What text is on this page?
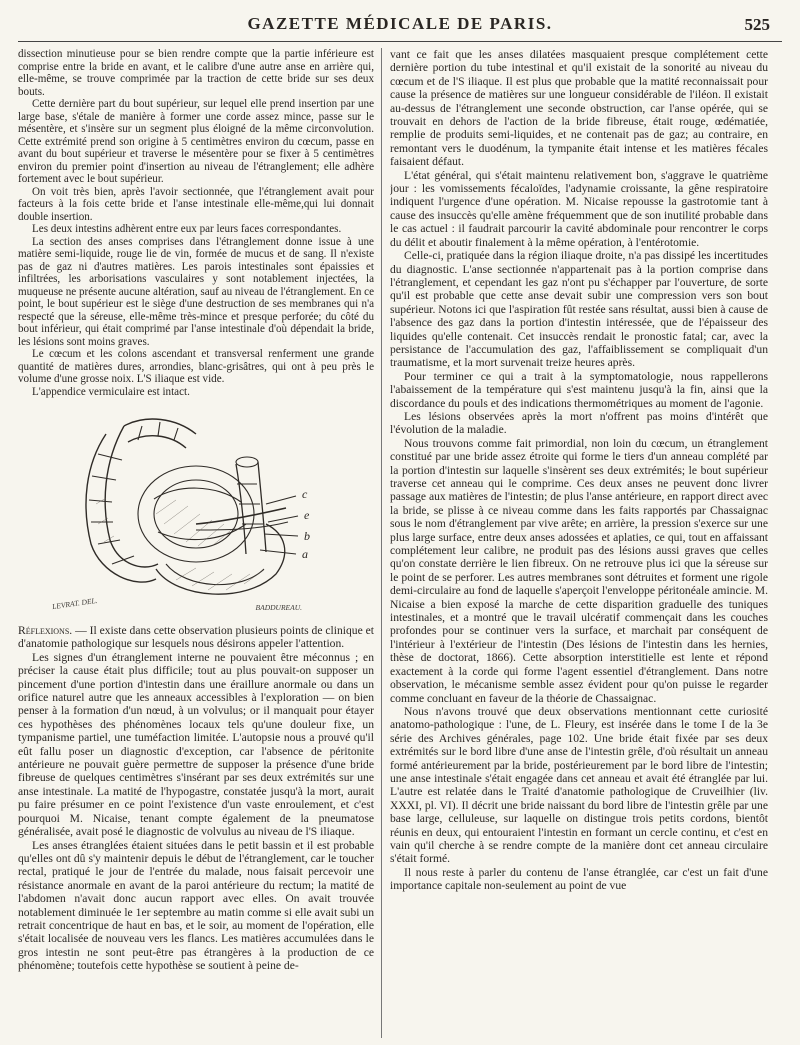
GAZETTE MÉDICALE DE PARIS.	525

dissection minutieuse pour se bien rendre compte que la partie inférieure est comprise entre la bride en avant, et le calibre d'une autre anse en arrière qui, elle-même, se trouve comprimée par la traction de cette bride sur ses deux bouts.

Cette dernière part du bout supérieur, sur lequel elle prend insertion par une large base, s'étale de manière à former une corde assez mince, passe sur le mésentère, et s'insère sur un segment plus éloigné de la même circonvolution. Cette extrémité prend son origine à 5 centimètres environ du cœcum, passe en avant du bout supérieur et traverse le mésentère pour se fixer à 5 centimètres environ du premier point d'insertion au niveau de l'étranglement; elle adhère fortement avec le bout supérieur.

On voit très bien, après l'avoir sectionnée, que l'étranglement avait pour facteurs à la fois cette bride et l'anse intestinale elle-même,qui lui donnait double insertion.

Les deux intestins adhèrent entre eux par leurs faces correspondantes.

La section des anses comprises dans l'étranglement donne issue à une matière semi-liquide, rouge lie de vin, formée de mucus et de sang. Il n'existe pas de gaz ni d'autres matières. Les parois intestinales sont épaissies et infiltrées, les arborisations vasculaires y sont notablement injectées, la muqueuse ne présente aucune altération, sauf au niveau de l'étranglement. En ce point, le bout supérieur est le siège d'une destruction de ses membranes qui n'a respecté que la séreuse, elle-même très-mince et presque perforée; du côté du bout inférieur, qui était comprimé par l'anse intestinale d'où dépendait la bride, les lésions sont moins graves.

Le cœcum et les colons ascendant et transversal renferment une grande quantité de matières dures, arrondies, blanc-grisâtres, qui ont à peu près le volume d'une grosse noix. L'S iliaque est vide.

L'appendice vermiculaire est intact.

c
e
b
a
LEVRAT. DEL.	BADDUREAU.

Réflexions. — Il existe dans cette observation plusieurs points de clinique et d'anatomie pathologique sur lesquels nous désirons appeler l'attention.

Les signes d'un étranglement interne ne pouvaient être méconnus ; en préciser la cause était plus difficile; tout au plus pouvait-on supposer un pincement d'une portion d'intestin dans une éraillure anormale ou dans un orifice naturel autre que les anneaux accessibles à l'exploration — on bien penser à la formation d'un nœud, à un volvulus; or il manquait pour étayer ces hypothèses des phénomènes locaux tels qu'une douleur fixe, un tympanisme partiel, une tuméfaction limitée. L'autopsie nous a prouvé qu'il eût fallu poser un diagnostic d'exception, car l'absence de péritonite antérieure ne pouvait guère permettre de supposer la présence d'une bride fibreuse de quelques centimètres s'insérant par ses deux extrémités sur une anse intestinale. La matité de l'hypogastre, constatée jusqu'à la mort, aurait pu faire présumer en ce point l'existence d'un vaste enroulement, et c'est pourquoi M. Nicaise, tenant compte également de la pneumatose généralisée, avait posé le diagnostic de volvulus au niveau de l'S iliaque.

Les anses étranglées étaient situées dans le petit bassin et il est probable qu'elles ont dû s'y maintenir depuis le début de l'étranglement, car le toucher rectal, pratiqué le jour de l'entrée du malade, nous faisait percevoir une résistance anormale en avant de la paroi antérieure du rectum; la matité de l'abdomen n'avait donc aucun rapport avec elles. On avait trouvée notablement diminuée le 1er septembre au matin comme si elle avait subi un retrait concentrique de haut en bas, et le soir, au moment de l'opération, elle s'était localisée de nouveau vers les flancs. Les matières accumulées dans le gros intestin ne sont peut-être pas étrangères à la production de ce phénomène; toutefois cette hypothèse se soutient à peine de-

vant ce fait que les anses dilatées masquaient presque complétement cette dernière portion du tube intestinal et qu'il existait de la sonorité au niveau du cœcum et de l'S iliaque. Il est plus que probable que la matité reconnaissait pour cause la présence de matières sur une longueur considérable de l'iléon. Il existait au-dessus de l'étranglement une seconde obstruction, car l'anse opérée, qui se trouvait en dehors de l'action de la bride fibreuse, était rouge, œdématiée, remplie de produits semi-liquides, et ne contenait pas de gaz; au contraire, en remontant vers le duodénum, la tympanite était intense et les matières fécales faisaient défaut.

L'état général, qui s'était maintenu relativement bon, s'aggrave le quatrième jour : les vomissements fécaloïdes, l'adynamie croissante, la gêne respiratoire indiquent l'urgence d'une opération. M. Nicaise repousse la gastrotomie tant à cause des insuccès qu'elle amène fréquemment que de son inutilité probable dans le cas actuel : il faudrait parcourir la cavité abdominale pour rencontrer le corps du délit et aboutir finalement à la même opération, à l'entérotomie.

Celle-ci, pratiquée dans la région iliaque droite, n'a pas dissipé les incertitudes du diagnostic. L'anse sectionnée n'appartenait pas à la portion comprise dans l'étranglement, et cependant les gaz n'ont pu s'échapper par l'ouverture, de sorte qu'il est probable que cette anse devait subir une compression vers son bout supérieur. Notons ici que l'aspiration fût restée sans résultat, aussi bien à cause de l'absence des gaz dans la portion d'intestin intéressée, que de l'épaisseur des liquides qu'elle contenait. Cet insuccès rendait le pronostic fatal; car, avec la persistance de l'accumulation des gaz, l'affaiblissement se compliquait d'un traumatisme, et la mort survenait treize heures après.

Pour terminer ce qui a trait à la symptomatologie, nous rappellerons l'abaissement de la température qui s'est maintenu jusqu'à la fin, ainsi que la discordance du pouls et des indications thermométriques au moment de l'agonie.

Les lésions observées après la mort n'offrent pas moins d'intérêt que l'évolution de la maladie.

Nous trouvons comme fait primordial, non loin du cœcum, un étranglement constitué par une bride assez étroite qui forme le tiers d'un anneau complété par la portion d'intestin sur laquelle s'insèrent ses deux extrémités; le bout supérieur traverse cet anneau qui le comprime. Ces deux anses ne peuvent donc livrer passage aux matières de l'intestin; de plus l'anse antérieure, en rapport direct avec la bride, se plisse à ce niveau comme dans les faits rapportés par Chassaignac sous le nom d'étranglement par vive arête; en arrière, la pression s'exerce sur une plus large surface, entre deux anses adossées et aplaties, ce qui, tout en affaissant complétement leur calibre, ne produit pas des lésions aussi graves que celles qu'on constate derrière le lien fibreux. On ne retrouve plus ici que la séreuse sur le point de se perforer. Les autres membranes sont détruites et forment une rigole demi-circulaire au fond de laquelle s'aperçoit l'enveloppe péritonéale amincie. M. Nicaise a bien exposé la marche de cette disparition graduelle des tuniques intestinales, et a montré que le travail ulcératif commençait dans les couches profondes pour se continuer vers la surface, et marchait par conséquent de l'intérieur à l'extérieur de l'intestin (Des lésions de l'intestin dans les hernies, thèse de doctorat, 1866). Cette absorption interstitielle est lente et répond exactement à la corde qui forme l'agent essentiel d'étranglement. Dans notre observation, le mécanisme semble assez évident pour qu'on puisse le regarder comme concluant en faveur de la théorie de Chassaignac.

Nous n'avons trouvé que deux observations mentionnant cette curiosité anatomo-pathologique : l'une, de L. Fleury, est insérée dans le tome I de la 3e série des Archives générales, page 102. Une bride était fixée par ses deux extrémités sur le bord libre d'une anse de l'intestin grêle, d'où résultait un anneau formé antérieurement par la bride, postérieurement par le bord libre de l'intestin; une anse intestinale s'était engagée dans cet anneau et avait été étranglée par lui. L'autre est relatée dans le Traité d'anatomie pathologique de Cruveilhier (liv. XXXI, pl. VI). Il décrit une bride naissant du bord libre de l'intestin grêle par une base large, celluleuse, sur laquelle on distingue trois petits cordons, bientôt réunis en deux, qui entouraient l'intestin en formant un cercle continu, et c'est en vain qu'il cherche à se rendre compte de la manière dont cet anneau circulaire s'était formé.

Il nous reste à parler du contenu de l'anse étranglée, car c'est un fait d'une importance capitale non-seulement au point de vue
